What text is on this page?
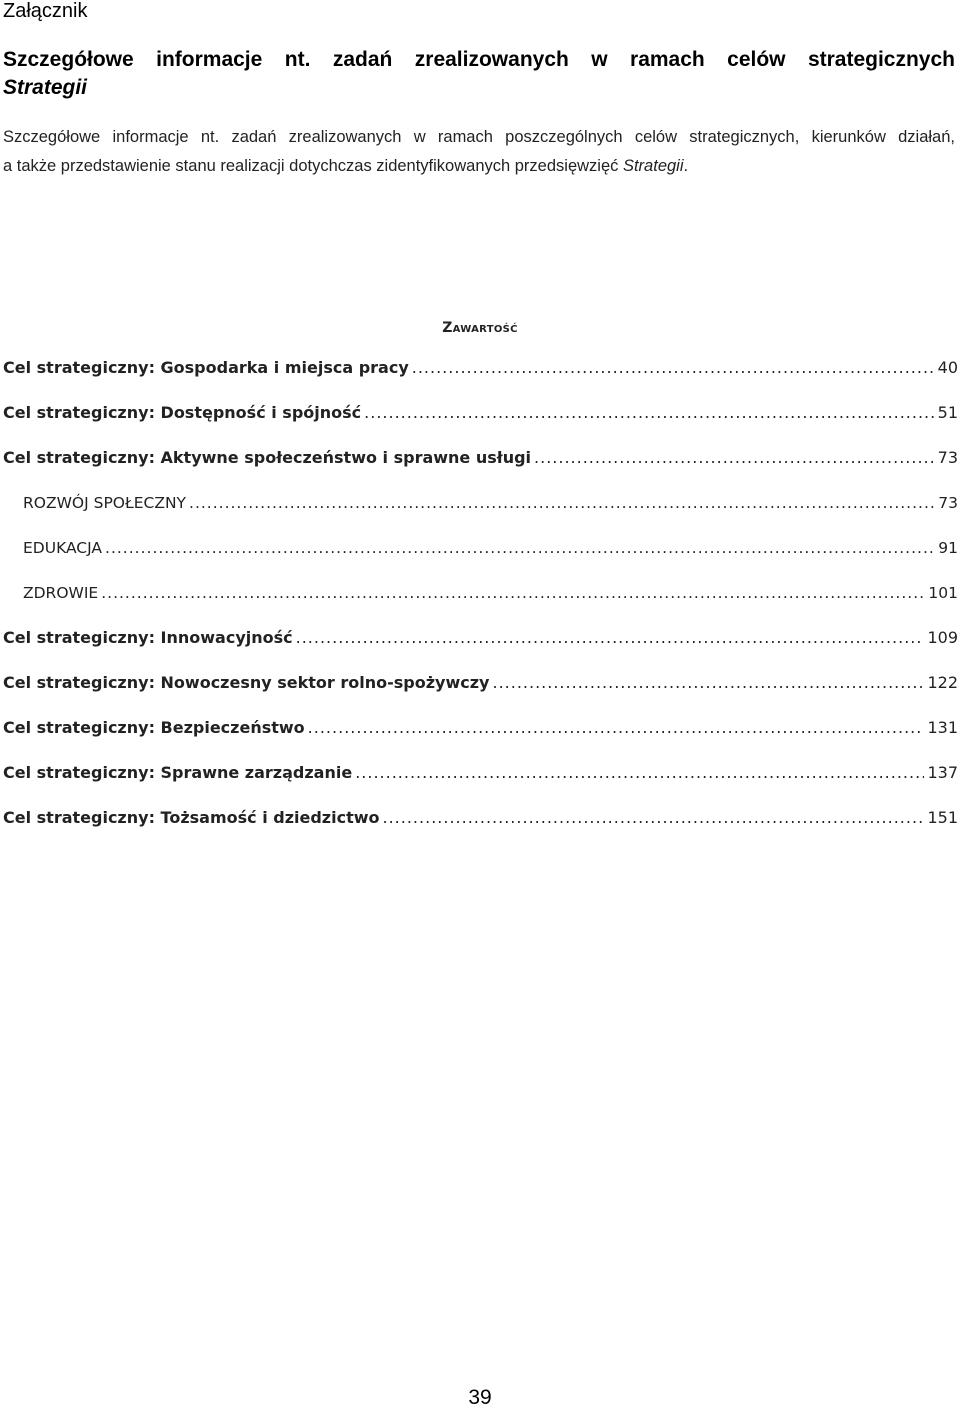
Załącznik
Szczegółowe informacje nt. zadań zrealizowanych w ramach celów strategicznych
Strategii
Szczegółowe informacje nt. zadań zrealizowanych w ramach poszczególnych celów strategicznych, kierunków działań,
a także przedstawienie stanu realizacji dotychczas zidentyfikowanych przedsięwzięć Strategii.
Zawartość
Cel strategiczny: Gospodarka i miejsca pracy .....	40
Cel strategiczny: Dostępność i spójność .....	51
Cel strategiczny: Aktywne społeczeństwo i sprawne usługi .....	73
ROZWÓJ SPOŁECZNY .....	73
EDUKACJA .....	91
ZDROWIE .....	101
Cel strategiczny: Innowacyjność .....	109
Cel strategiczny: Nowoczesny sektor rolno-spożywczy .....	122
Cel strategiczny: Bezpieczeństwo .....	131
Cel strategiczny: Sprawne zarządzanie .....	137
Cel strategiczny: Tożsamość i dziedzictwo .....	151
39
